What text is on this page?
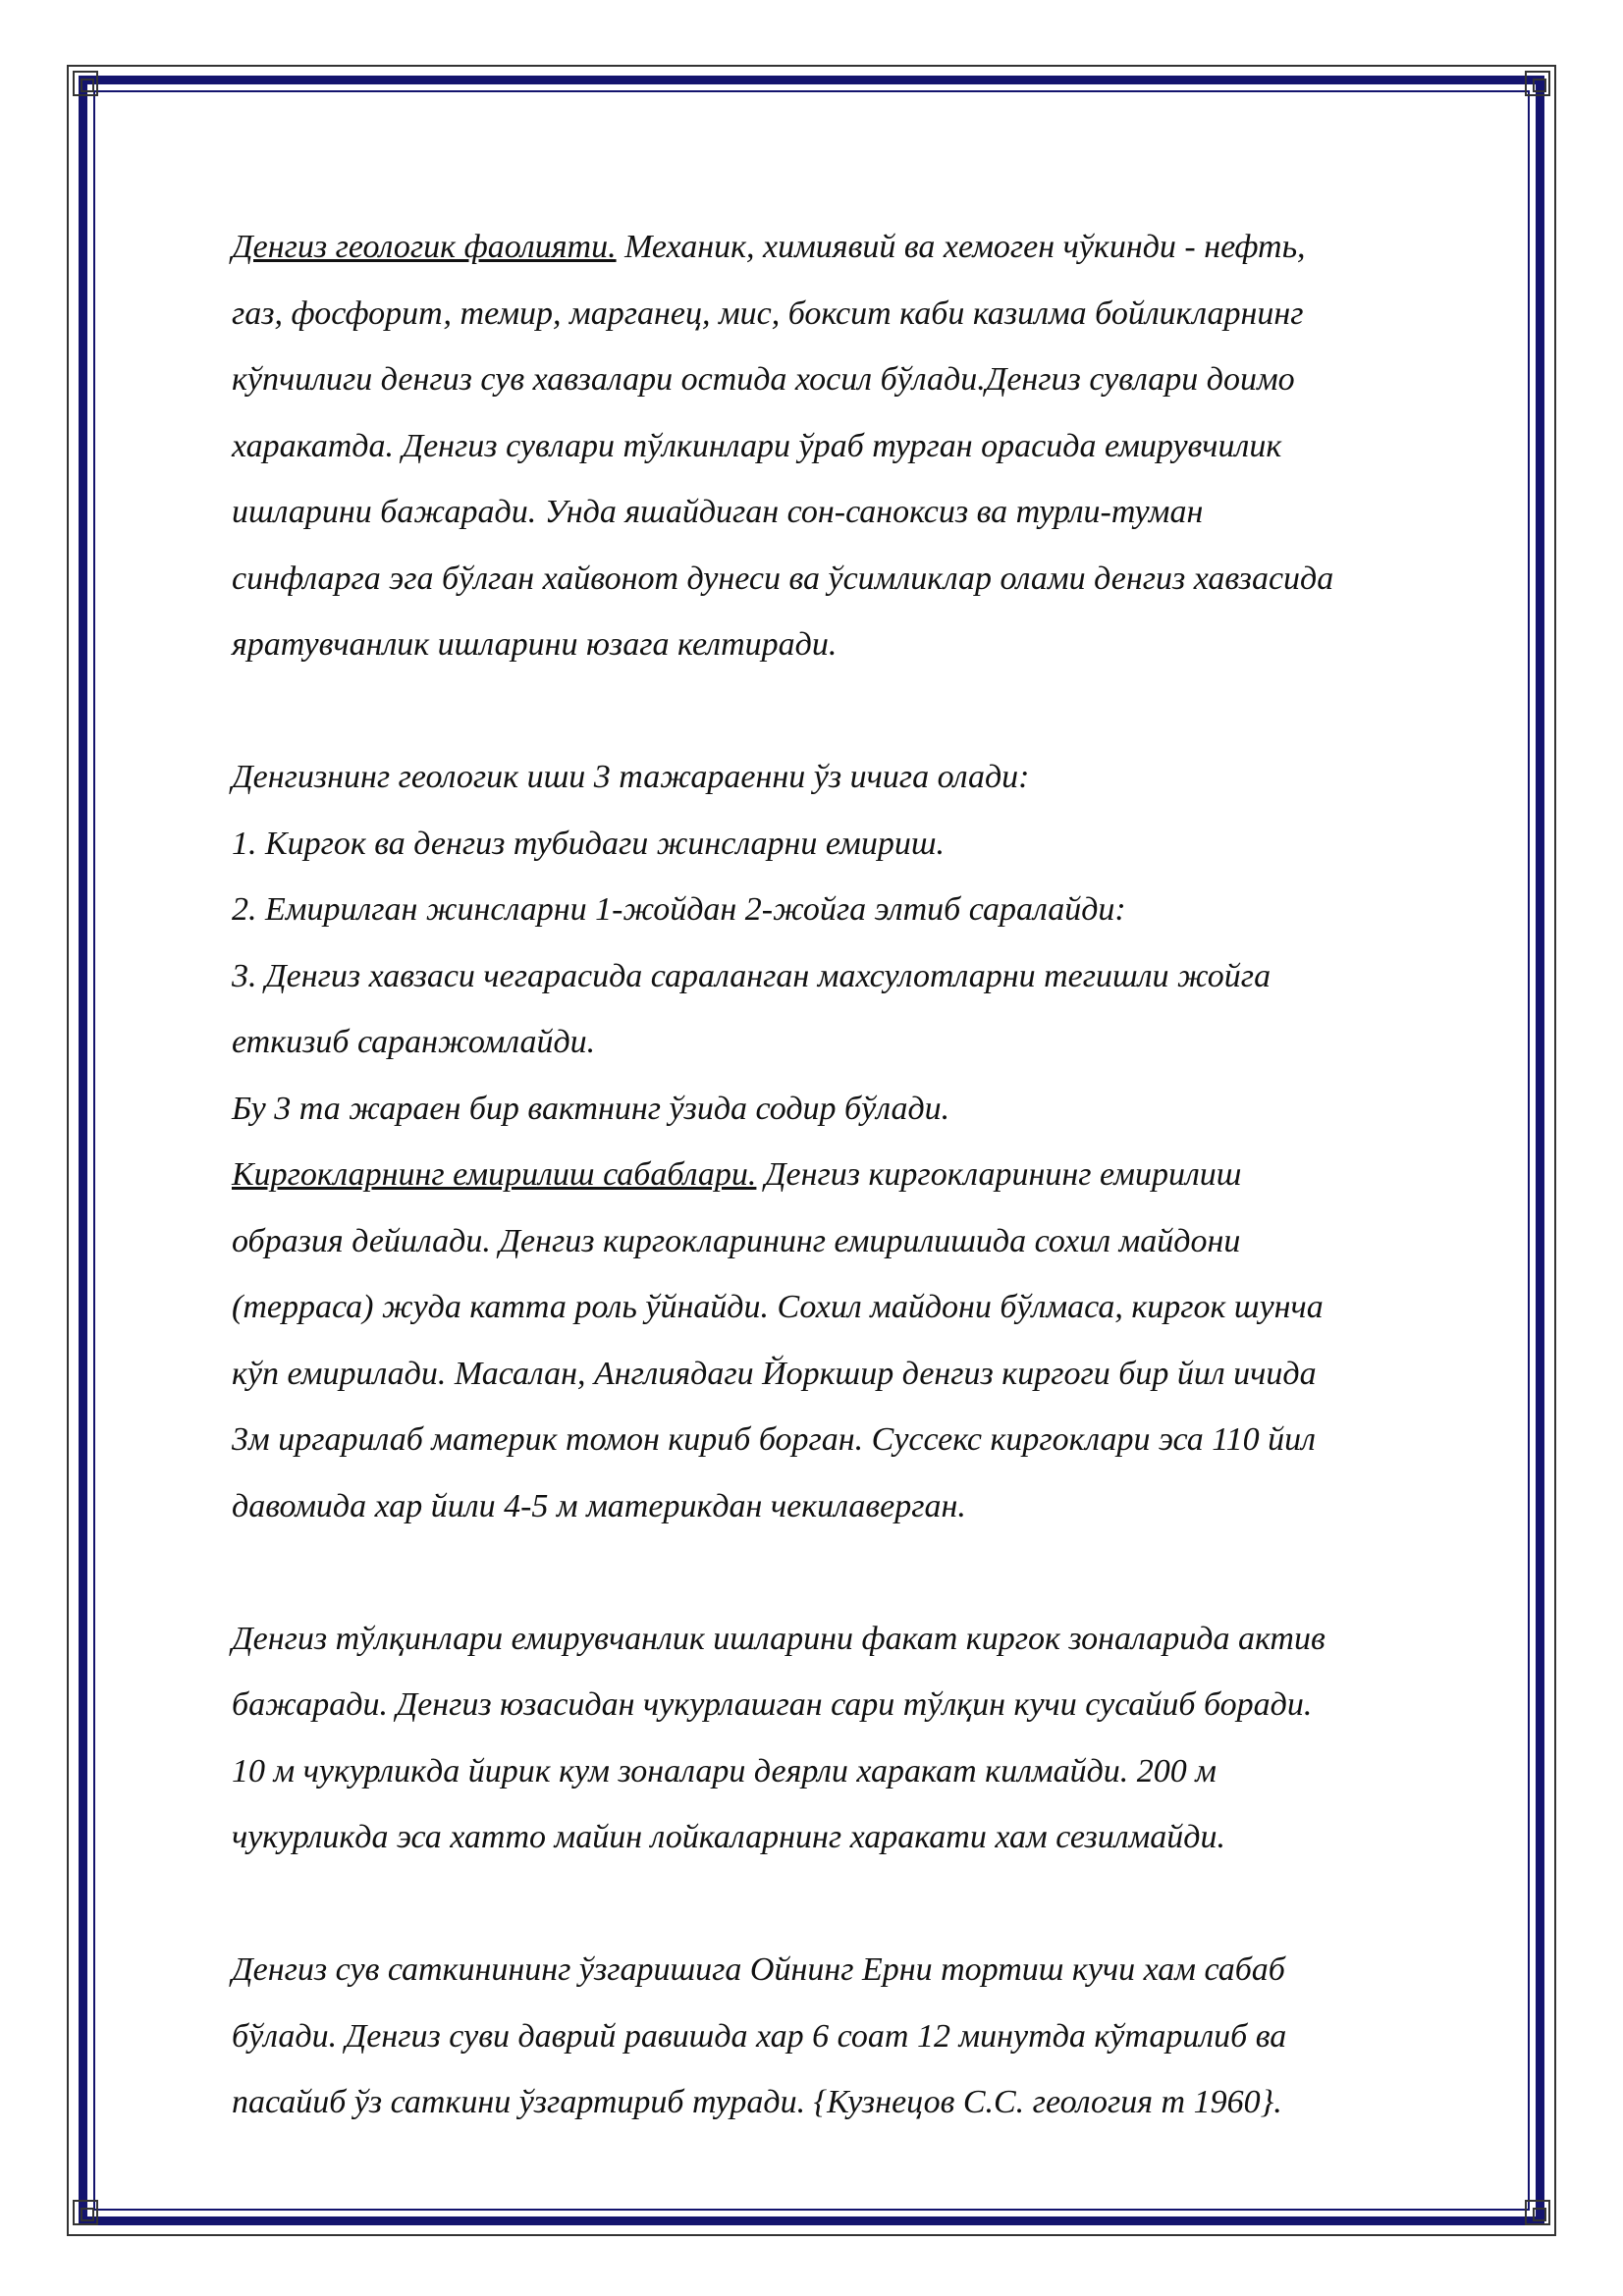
Денгиз геологик фаолияти. Механик, химиявий ва хемоген чўкинди - нефть,

газ, фосфорит, темир, марганец, мис, боксит каби казилма бойликларнинг

кўпчилиги денгиз сув хавзалари остида хосил бўлади.Денгиз сувлари доимо

харакатда. Денгиз сувлари тўлкинлари ўраб турган орасида емирувчилик

ишларини бажаради. Унда яшайдиган сон-саноксиз ва турли-туман

синфларга эга бўлган хайвонот дунеси ва ўсимликлар олами денгиз хавзасида

яратувчанлик ишларини юзага келтиради.

Денгизнинг геологик иши 3 тажараенни ўз ичига олади:

1. Киргок ва денгиз тубидаги жинсларни емириш.

2. Емирилган жинсларни 1-жойдан 2-жойга элтиб саралайди:

3. Денгиз хавзаси чегарасида сараланган махсулотларни тегишли жойга

еткизиб саранжомлайди.

Бу 3 та жараен бир вактнинг ўзида содир бўлади.

Киргокларнинг емирилиш сабаблари. Денгиз киргокларининг емирилиш

образия дейилади. Денгиз киргокларининг емирилишида сохил майдони

(терраса) жуда катта роль ўйнайди. Сохил майдони бўлмаса, киргок шунча

кўп емирилади. Масалан, Англиядаги Йоркшир денгиз киргоги бир йил ичида

3м иргарилаб материк томон кириб борган. Суссекс киргоклари эса 110 йил

давомида хар йили 4-5 м материкдан чекилаверган.

Денгиз тўлқинлари емирувчанлик ишларини факат киргок зоналарида актив

бажаради. Денгиз юзасидан чукурлашган сари тўлқин кучи сусайиб боради.

10 м чукурликда йирик кум зоналари деярли харакат килмайди. 200 м

чукурликда эса хатто майин лойкаларнинг харакати хам сезилмайди.

Денгиз сув саткинининг ўзгаришига Ойнинг Ерни тортиш кучи хам сабаб

бўлади. Денгиз суви даврий равишда хар 6 соат 12 минутда кўтарилиб ва

пасайиб ўз саткини ўзгартириб туради. {Кузнецов С.С. геология т 1960}.
